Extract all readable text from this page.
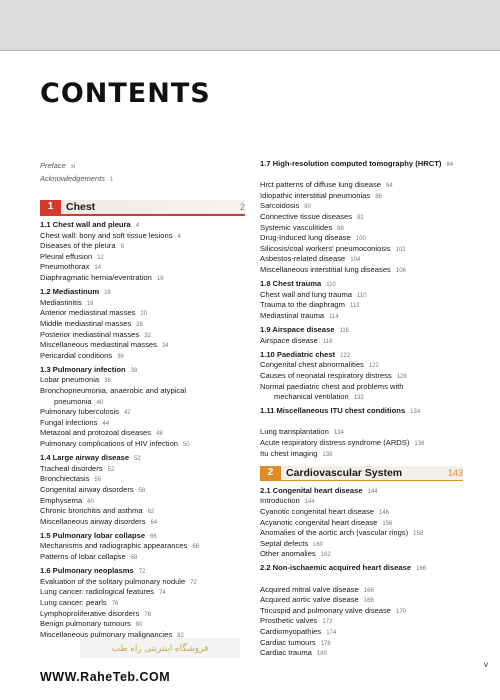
CONTENTS
Preface xi
Acknowledgements 1
1	Chest	2
1.1 Chest wall and pleura 4
Chest wall: bony and soft tissue lesions 4
Diseases of the pleura 8
Pleural effusion 12
Pneumothorax 14
Diaphragmatic hernia/eventration 16
1.2 Mediastinum 18
Mediastinitis 18
Anterior mediastinal masses 20
Middle mediastinal masses 26
Posterior mediastinal masses 32
Miscellaneous mediastinal masses 34
Pericardial conditions 36
1.3 Pulmonary infection 38
Lobar pneumonia 38
Bronchopneumonia, anaerobic and atypical
pneumonia 40
Pulmonary tuberculosis 42
Fungal infections 44
Metazoal and protozoal diseases 48
Pulmonary complications of HIV infection 50
1.4 Large airway disease 52
Tracheal disorders 52
Bronchiectasis 56
Congenital airway disorders 58
Emphysema 60
Chronic bronchitis and asthma 62
Miscellaneous airway disorders 64
1.5 Pulmonary lobar collapse 66
Mechanisms and radiographic appearances 66
Patterns of lobar collapse 68
1.6 Pulmonary neoplasms 72
Evaluation of the solitary pulmonary nodule 72
Lung cancer: radiological features 74
Lung cancer: pearls 76
Lymphoproliferative disorders 78
Benign pulmonary tumours 80
Miscellaneous pulmonary malignancies 82
1.7 High-resolution computed tomography (HRCT) 84
Hrct patterns of diffuse lung disease 84
Idiopathic interstitial pneumonias 86
Sarcoidosis 90
Connective tissue diseases 92
Systemic vasculitides 98
Drug-Induced lung disease 100
Silicosis/coal workers' pneumoconiosis 102
Asbestos-related disease 104
Miscellaneous interstitial lung diseases 106
1.8 Chest trauma 110
Chest wall and lung trauma 110
Trauma to the diaphragm 112
Mediastinal trauma 114
1.9 Airspace disease 116
Airspace disease 116
1.10 Paediatric chest 122
Congenital chest abnormalities 122
Causes of neonatal respiratory distress 128
Normal paediatric chest and problems with
mechanical ventilation 132
1.11 Miscellaneous ITU chest conditions 134
Lung transplantation 134
Acute respiratory distress syndrome (ARDS) 136
Itu chest imaging 138
2	Cardiovascular System	143
2.1 Congenital heart disease 144
Introduction 144
Cyanotic congenital heart disease 146
Acyanotic congenital heart disease 156
Anomalies of the aortic arch (vascular rings) 158
Septal defects 160
Other anomalies 162
2.2 Non-ischaemic acquired heart disease 166
Acquired mitral valve disease 166
Acquired aortic valve disease 168
Tricuspid and pulmonary valve disease 170
Prosthetic valves 172
Cardiomyopathies 174
Cardiac tumours 178
Cardiac trauma 180
فروشگاه اینترنتی راه طب
WWW.RaheTeb.COM
v
